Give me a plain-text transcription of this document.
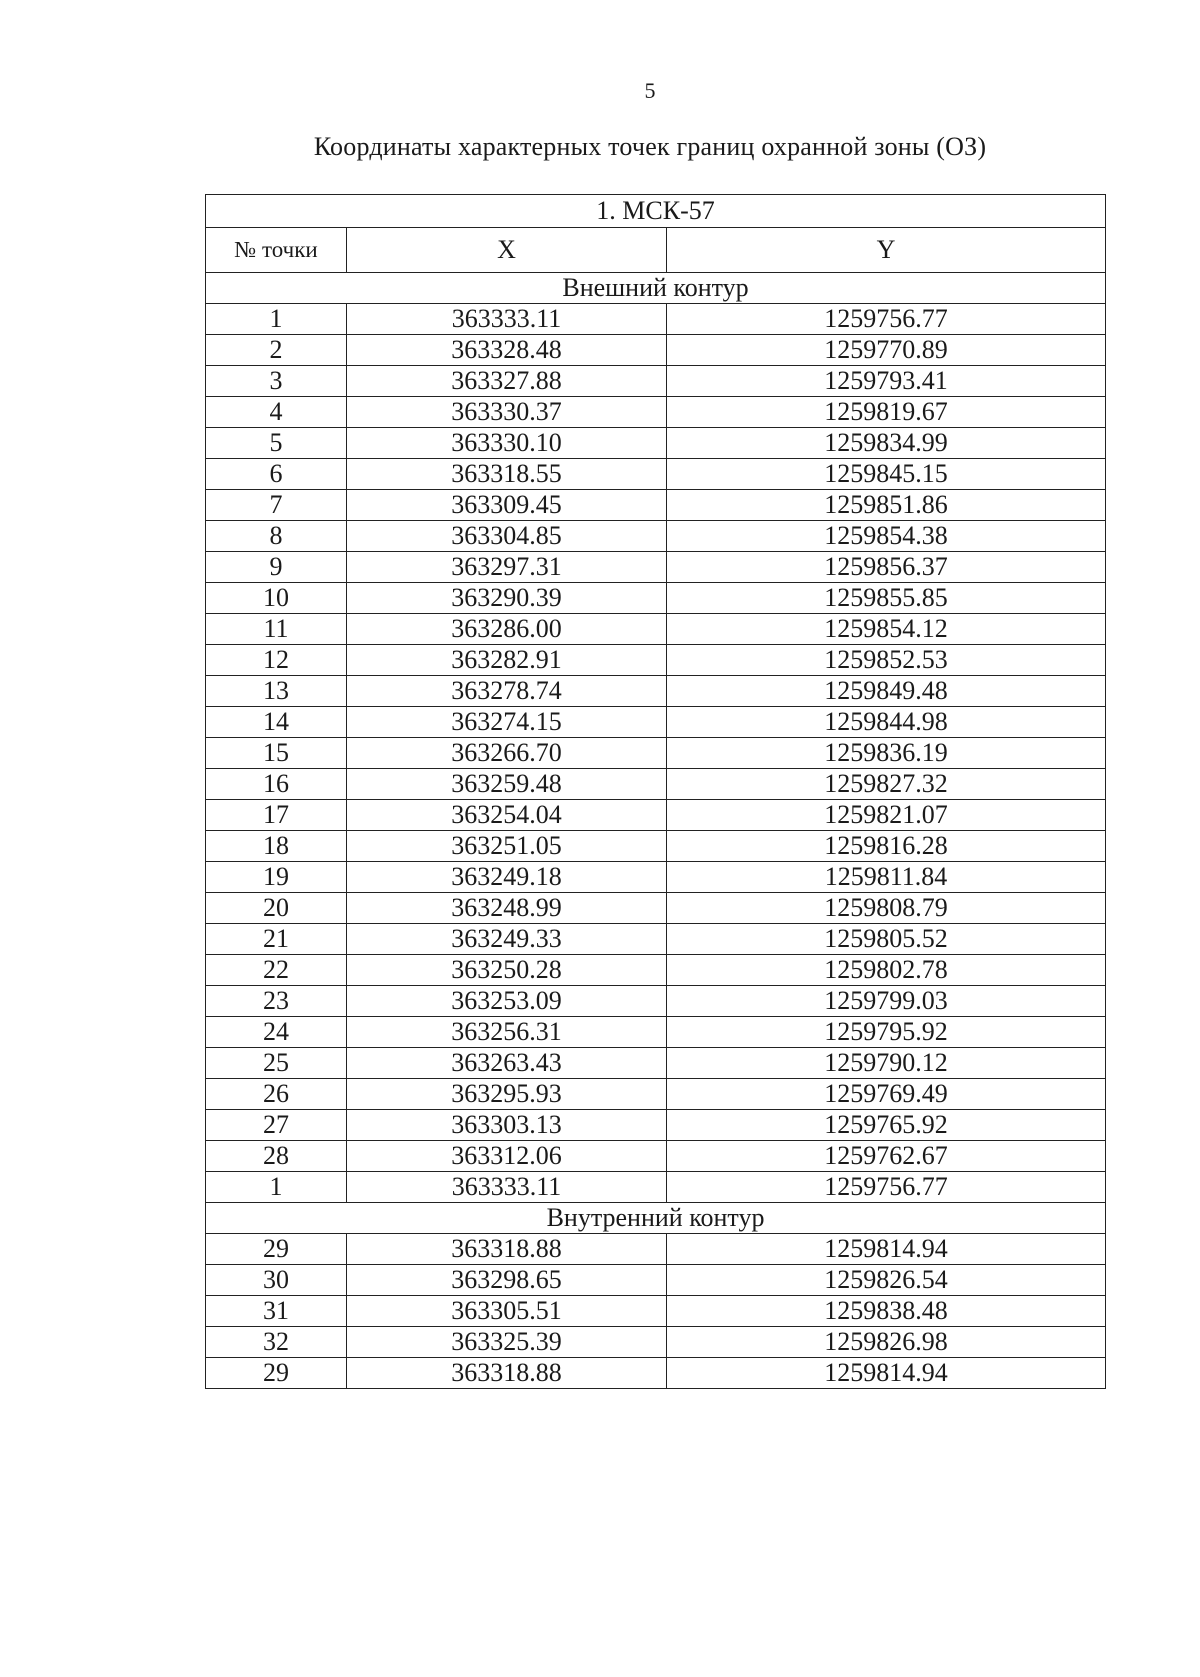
5
Координаты характерных точек границ охранной зоны (ОЗ)
1. МСК-57		
№ точки	X	Y
Внешний контур		
1	363333.11	1259756.77
2	363328.48	1259770.89
3	363327.88	1259793.41
4	363330.37	1259819.67
5	363330.10	1259834.99
6	363318.55	1259845.15
7	363309.45	1259851.86
8	363304.85	1259854.38
9	363297.31	1259856.37
10	363290.39	1259855.85
11	363286.00	1259854.12
12	363282.91	1259852.53
13	363278.74	1259849.48
14	363274.15	1259844.98
15	363266.70	1259836.19
16	363259.48	1259827.32
17	363254.04	1259821.07
18	363251.05	1259816.28
19	363249.18	1259811.84
20	363248.99	1259808.79
21	363249.33	1259805.52
22	363250.28	1259802.78
23	363253.09	1259799.03
24	363256.31	1259795.92
25	363263.43	1259790.12
26	363295.93	1259769.49
27	363303.13	1259765.92
28	363312.06	1259762.67
1	363333.11	1259756.77
Внутренний контур		
29	363318.88	1259814.94
30	363298.65	1259826.54
31	363305.51	1259838.48
32	363325.39	1259826.98
29	363318.88	1259814.94
